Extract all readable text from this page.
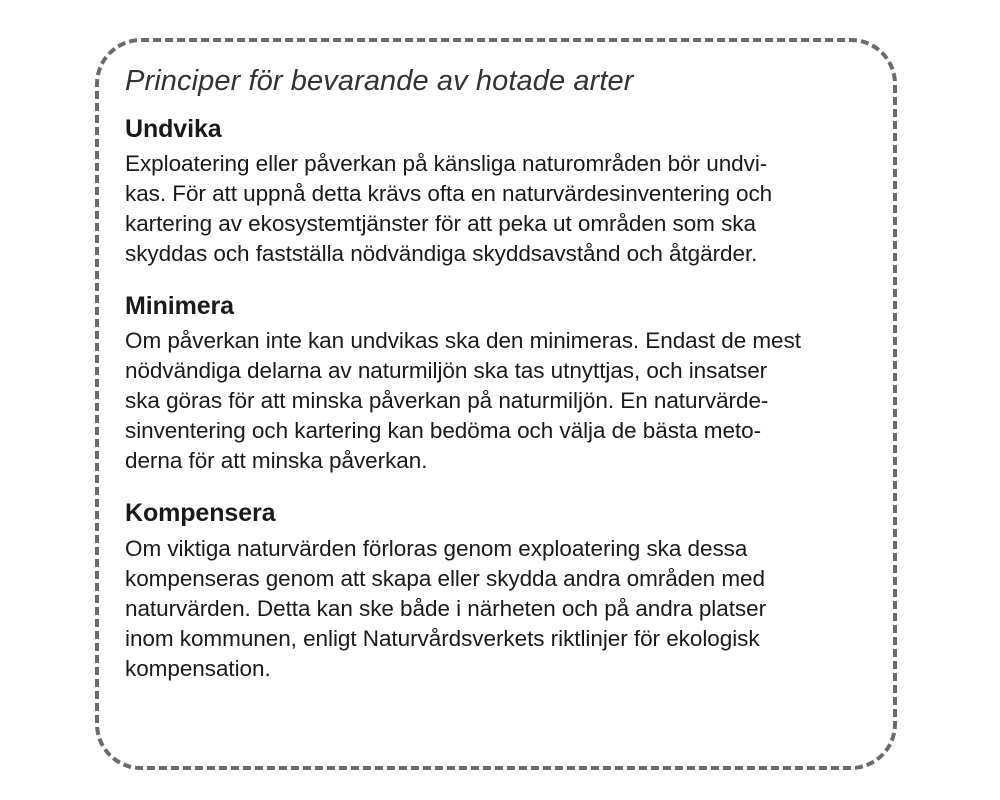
Principer för bevarande av hotade arter
Undvika

Exploatering eller påverkan på känsliga naturområden bör undvi-
kas. För att uppnå detta krävs ofta en naturvärdesinventering och
kartering av ekosystemtjänster för att peka ut områden som ska
skyddas och fastställa nödvändiga skyddsavstånd och åtgärder.

Minimera

Om påverkan inte kan undvikas ska den minimeras. Endast de mest
nödvändiga delarna av naturmiljön ska tas utnyttjas, och insatser
ska göras för att minska påverkan på naturmiljön. En naturvärde-
sinventering och kartering kan bedöma och välja de bästa meto-
derna för att minska påverkan.

Kompensera

Om viktiga naturvärden förloras genom exploatering ska dessa
kompenseras genom att skapa eller skydda andra områden med
naturvärden. Detta kan ske både i närheten och på andra platser
inom kommunen, enligt Naturvårdsverkets riktlinjer för ekologisk
kompensation.
